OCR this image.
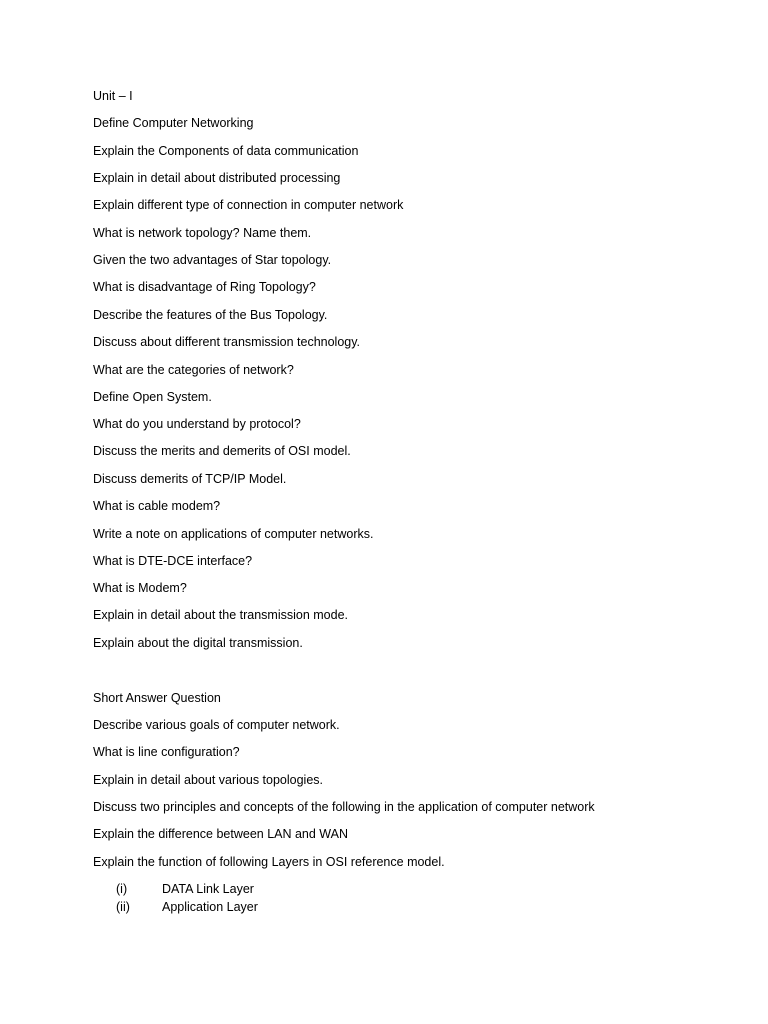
Unit – I
Define Computer Networking
Explain the Components of data communication
Explain in detail about distributed processing
Explain different type of connection in computer network
What is network topology? Name them.
Given the two advantages of Star topology.
What is disadvantage of Ring Topology?
Describe the features of the Bus Topology.
Discuss about different transmission technology.
What are the categories of network?
Define Open System.
What do you understand by protocol?
Discuss the merits and demerits of OSI model.
Discuss demerits of TCP/IP Model.
What is cable modem?
Write a note on applications of computer networks.
What is DTE-DCE interface?
What is Modem?
Explain in detail about the transmission mode.
Explain about the digital transmission.
Short Answer Question
Describe various goals of computer network.
What is line configuration?
Explain in detail about various topologies.
Discuss two principles and concepts of the following in the application of computer network
Explain the difference between LAN and WAN
Explain the function of following Layers in OSI reference model.
(i)	DATA Link Layer
(ii)	Application Layer
